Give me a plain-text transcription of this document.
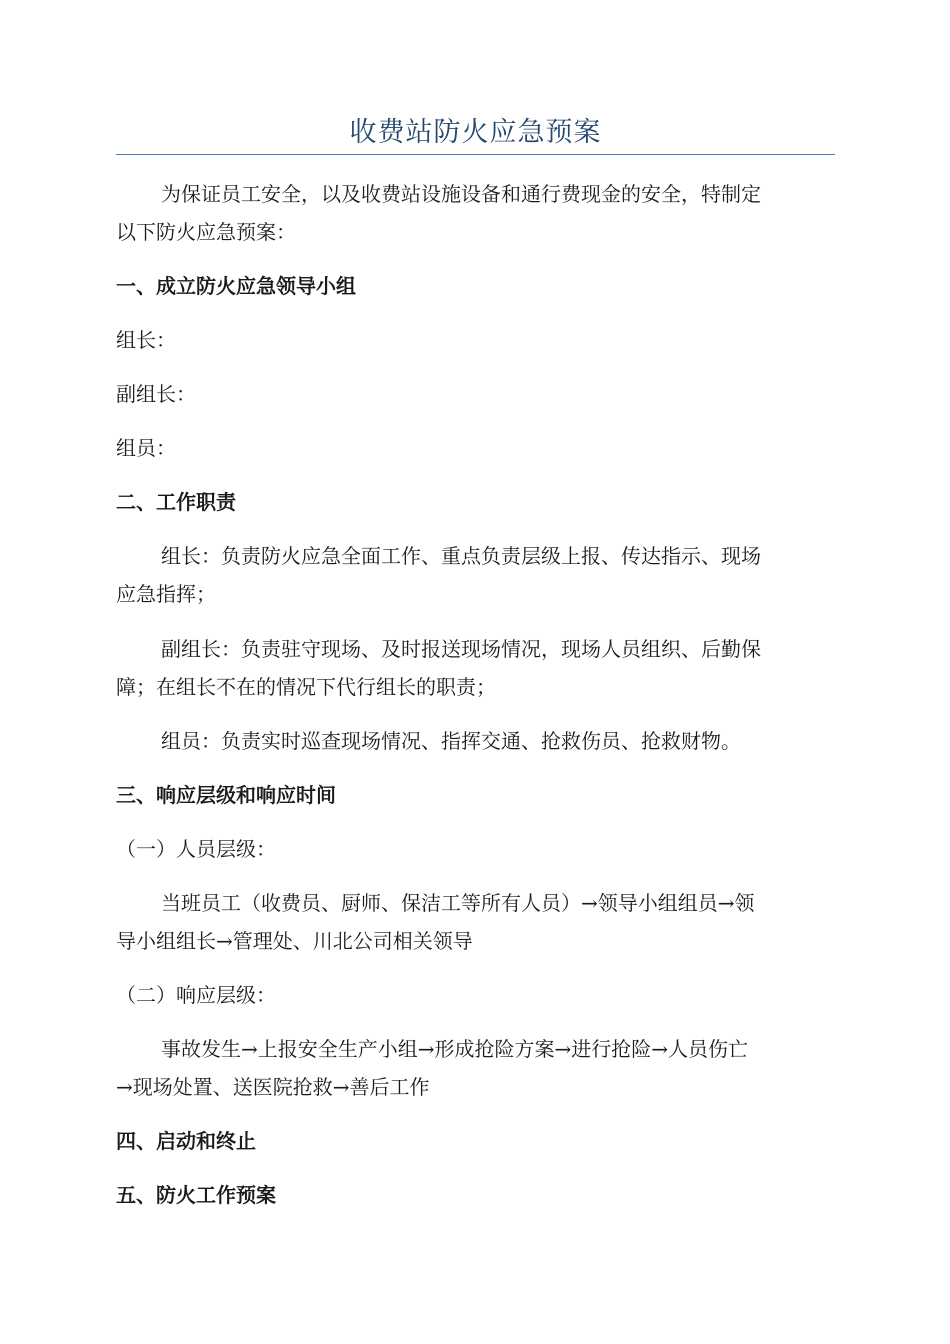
收费站防火应急预案
为保证员工安全，以及收费站设施设备和通行费现金的安全，特制定
以下防火应急预案：
一、成立防火应急领导小组
组长：
副组长：
组员：
二、工作职责
组长：负责防火应急全面工作、重点负责层级上报、传达指示、现场
应急指挥；
副组长：负责驻守现场、及时报送现场情况，现场人员组织、后勤保
障；在组长不在的情况下代行组长的职责；
组员：负责实时巡查现场情况、指挥交通、抢救伤员、抢救财物。
三、响应层级和响应时间
（一）人员层级：
当班员工（收费员、厨师、保洁工等所有人员）→领导小组组员→领
导小组组长→管理处、川北公司相关领导
（二）响应层级：
事故发生→上报安全生产小组→形成抢险方案→进行抢险→人员伤亡
→现场处置、送医院抢救→善后工作
四、启动和终止
五、防火工作预案
